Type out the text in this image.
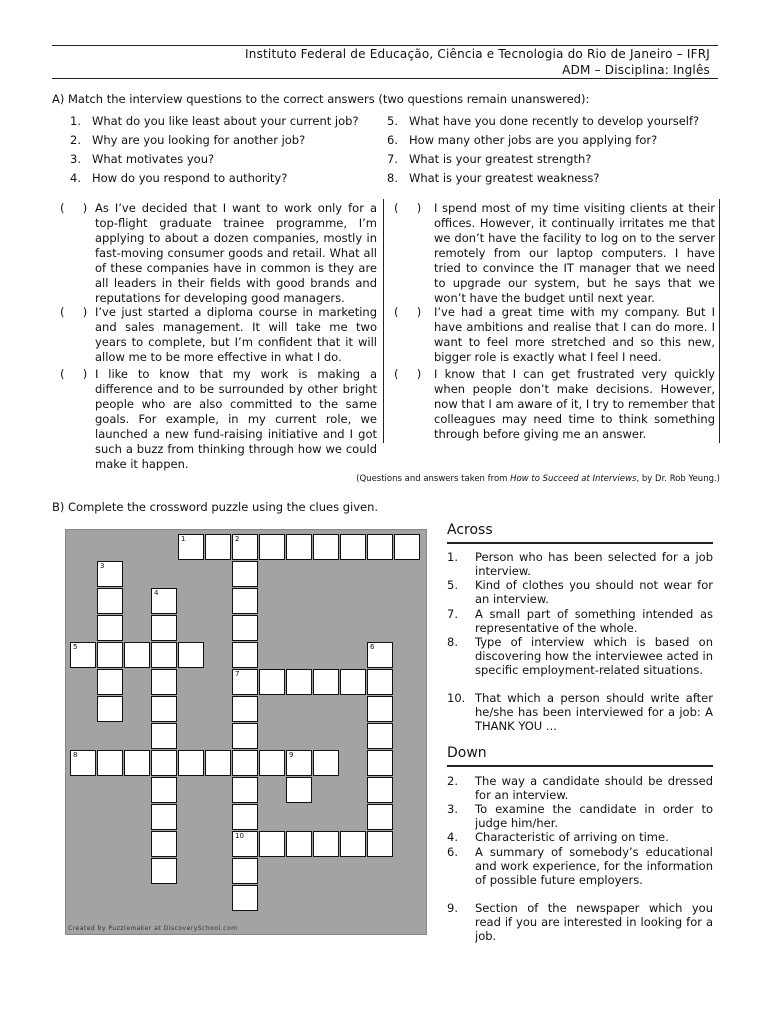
Instituto Federal de Educação, Ciência e Tecnologia do Rio de Janeiro – IFRJ
ADM – Disciplina: Inglês
A) Match the interview questions to the correct answers (two questions remain unanswered):
1. What do you like least about your current job?
2. Why are you looking for another job?
3. What motivates you?
4. How do you respond to authority?
5. What have you done recently to develop yourself?
6. How many other jobs are you applying for?
7. What is your greatest strength?
8. What is your greatest weakness?
(     ) As I’ve decided that I want to work only for a top-flight graduate trainee programme, I’m applying to about a dozen companies, mostly in fast-moving consumer goods and retail. What all of these companies have in common is they are all leaders in their fields with good brands and reputations for developing good managers.
(     ) I’ve just started a diploma course in marketing and sales management. It will take me two years to complete, but I’m confident that it will allow me to be more effective in what I do.
(     ) I like to know that my work is making a difference and to be surrounded by other bright people who are also committed to the same goals. For example, in my current role, we launched a new fund-raising initiative and I got such a buzz from thinking through how we could make it happen.
(     ) I spend most of my time visiting clients at their offices. However, it continually irritates me that we don’t have the facility to log on to the server remotely from our laptop computers. I have tried to convince the IT manager that we need to upgrade our system, but he says that we won’t have the budget until next year.
(     ) I’ve had a great time with my company. But I have ambitions and realise that I can do more. I want to feel more stretched and so this new, bigger role is exactly what I feel I need.
(     ) I know that I can get frustrated very quickly when people don’t make decisions. However, now that I am aware of it, I try to remember that colleagues may need time to think something through before giving me an answer.
(Questions and answers taken from How to Succeed at Interviews, by Dr. Rob Yeung.)
B) Complete the crossword puzzle using the clues given.
1	2
7
10
3
4
5	6
8	9
Created by Puzzlemaker at DiscoverySchool.com
Across
1. Person who has been selected for a job interview.
5. Kind of clothes you should not wear for an interview.
7. A small part of something intended as representative of the whole.
8. Type of interview which is based on discovering how the interviewee acted in specific employment-related situations.
10. That which a person should write after he/she has been interviewed for a job: A THANK YOU ...
Down
2. The way a candidate should be dressed for an interview.
3. To examine the candidate in order to judge him/her.
4. Characteristic of arriving on time.
6. A summary of somebody’s educational and work experience, for the information of possible future employers.
9. Section of the newspaper which you read if you are interested in looking for a job.
